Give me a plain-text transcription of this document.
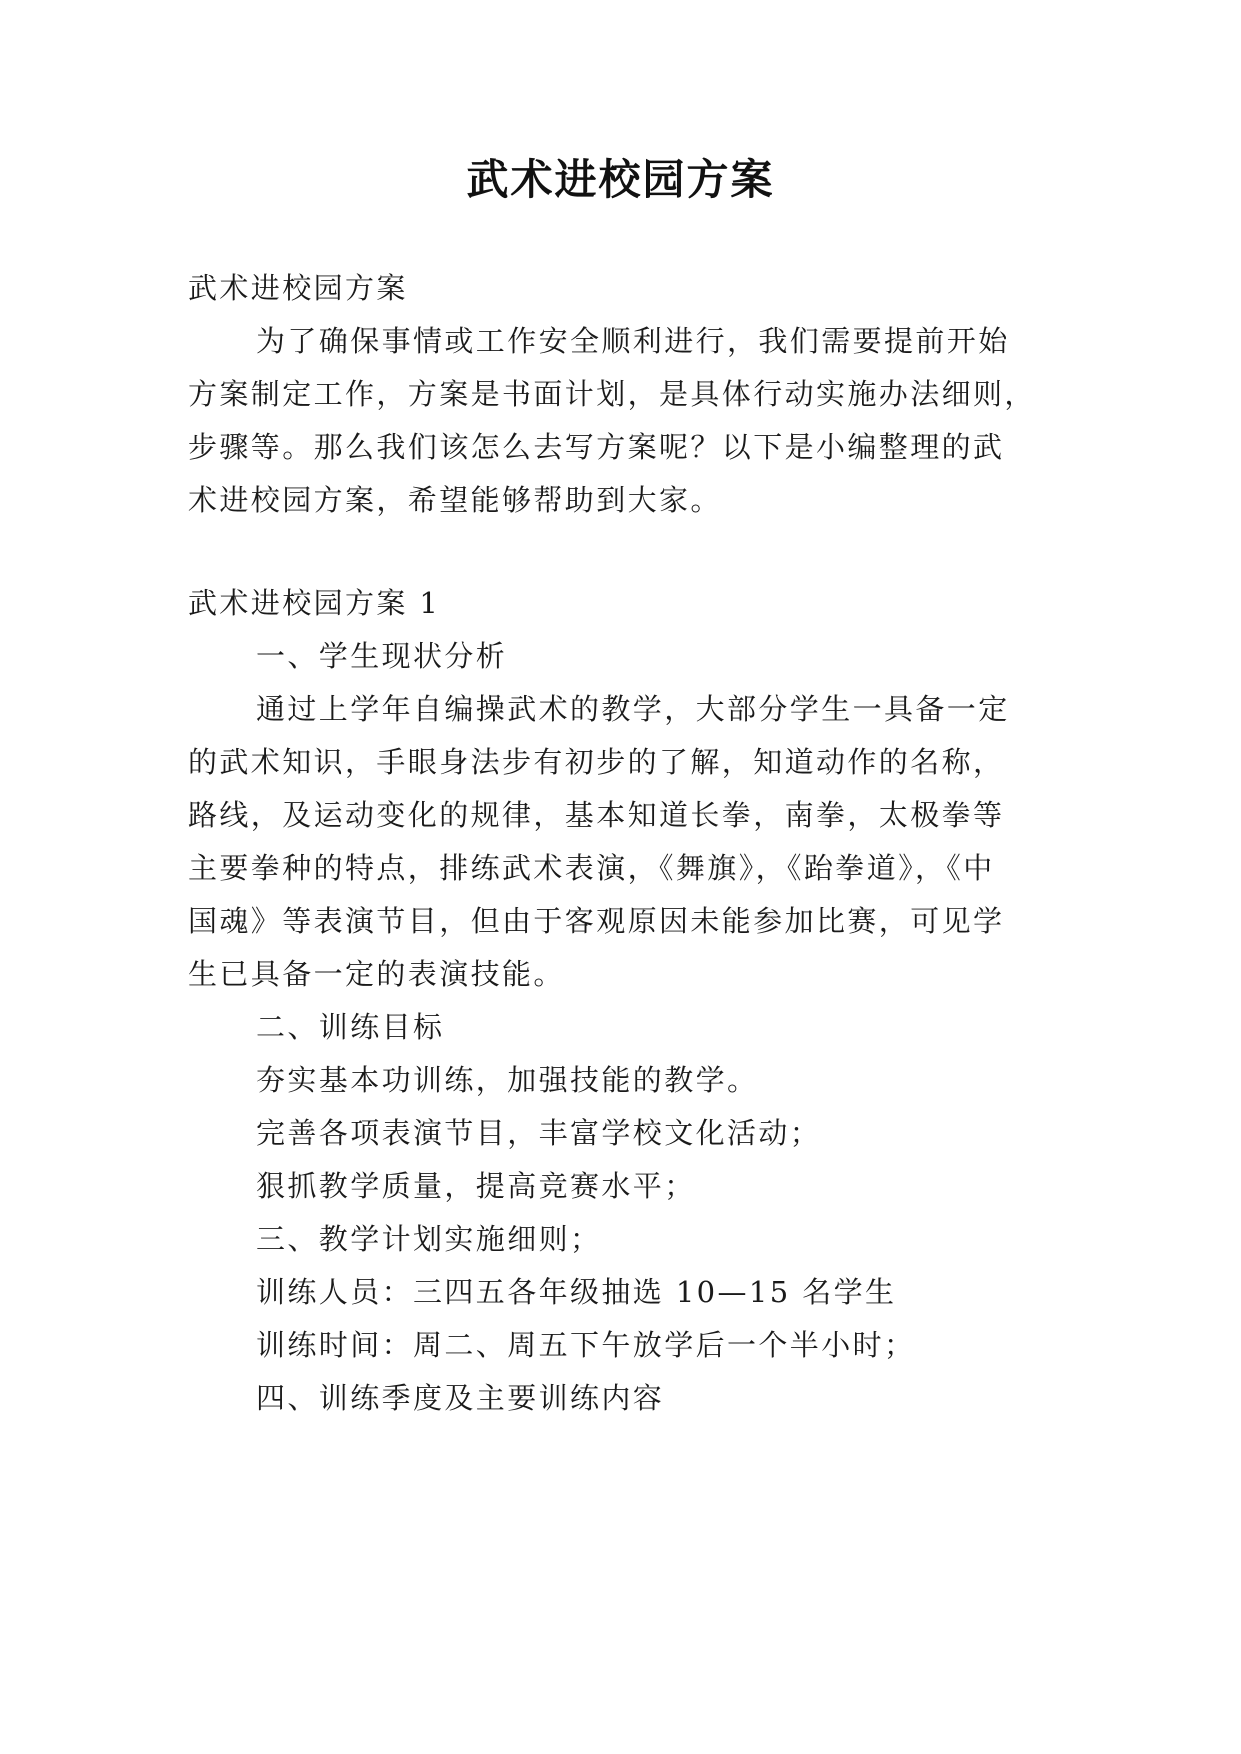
武术进校园方案

武术进校园方案

为了确保事情或工作安全顺利进行，我们需要提前开始

方案制定工作，方案是书面计划，是具体行动实施办法细则，

步骤等。那么我们该怎么去写方案呢？以下是小编整理的武

术进校园方案，希望能够帮助到大家。

武术进校园方案 1

一、学生现状分析

通过上学年自编操武术的教学，大部分学生一具备一定

的武术知识，手眼身法步有初步的了解，知道动作的名称，

路线，及运动变化的规律，基本知道长拳，南拳，太极拳等

主要拳种的特点，排练武术表演，《舞旗》，《跆拳道》，《中

国魂》等表演节目，但由于客观原因未能参加比赛，可见学

生已具备一定的表演技能。

二、训练目标

夯实基本功训练，加强技能的教学。

完善各项表演节目，丰富学校文化活动；

狠抓教学质量，提高竞赛水平；

三、教学计划实施细则；

训练人员：三四五各年级抽选 10—15 名学生

训练时间：周二、周五下午放学后一个半小时；

四、训练季度及主要训练内容
